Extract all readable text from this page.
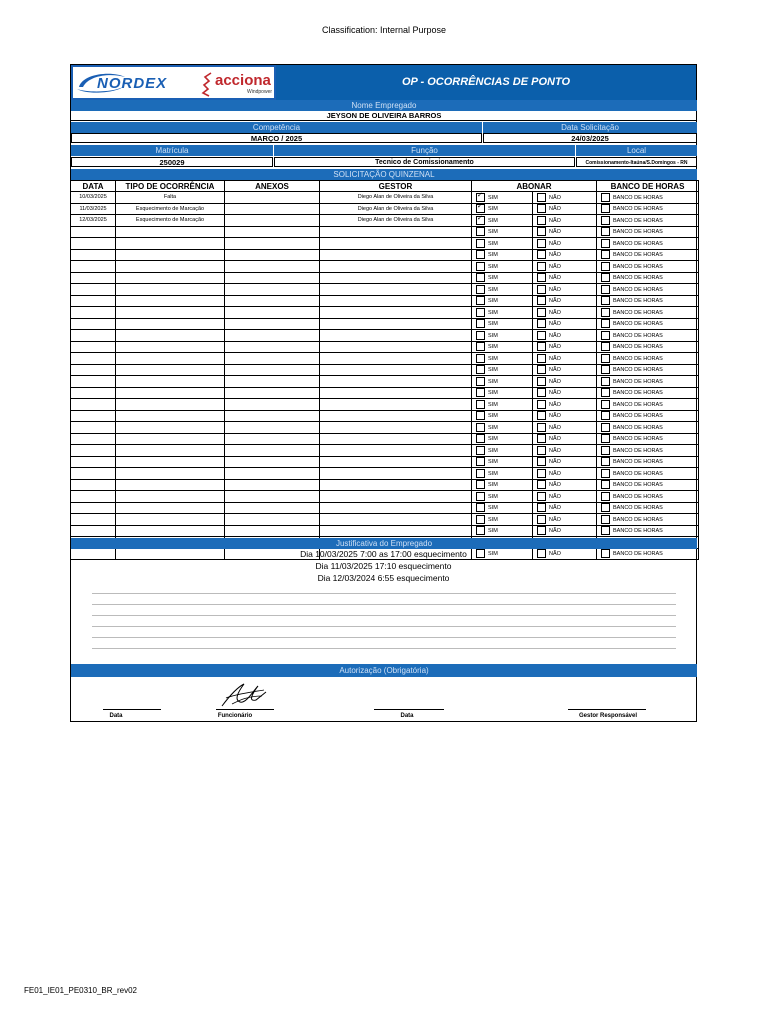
Classification: Internal Purpose
NORDEX	acciona
Windpower
OP - OCORRÊNCIAS DE PONTO
Nome Empregado
JEYSON DE OLIVEIRA BARROS
Competência	Data Solicitação
MARÇO / 2025	24/03/2025
Matrícula	Função	Local
250029	Tecnico de Comissionamento	Comissionamento-Itaúna/S.Domingos - RN
SOLICITAÇÃO QUINZENAL
DATA	TIPO DE OCORRÊNCIA	ANEXOS	GESTOR	ABONAR		BANCO DE HORAS
10/03/2025	Falta		Diego Alan de Oliveira da Silva	✓SIM	NÃO	BANCO DE HORAS
11/03/2025	Esquecimento de Marcação		Diego Alan de Oliveira da Silva	✓SIM	NÃO	BANCO DE HORAS
12/03/2025	Esquecimento de Marcação		Diego Alan de Oliveira da Silva	✓SIM	NÃO	BANCO DE HORAS
				SIM	NÃO	BANCO DE HORAS
				SIM	NÃO	BANCO DE HORAS
				SIM	NÃO	BANCO DE HORAS
				SIM	NÃO	BANCO DE HORAS
				SIM	NÃO	BANCO DE HORAS
				SIM	NÃO	BANCO DE HORAS
				SIM	NÃO	BANCO DE HORAS
				SIM	NÃO	BANCO DE HORAS
				SIM	NÃO	BANCO DE HORAS
				SIM	NÃO	BANCO DE HORAS
				SIM	NÃO	BANCO DE HORAS
				SIM	NÃO	BANCO DE HORAS
				SIM	NÃO	BANCO DE HORAS
				SIM	NÃO	BANCO DE HORAS
				SIM	NÃO	BANCO DE HORAS
				SIM	NÃO	BANCO DE HORAS
				SIM	NÃO	BANCO DE HORAS
				SIM	NÃO	BANCO DE HORAS
				SIM	NÃO	BANCO DE HORAS
				SIM	NÃO	BANCO DE HORAS
				SIM	NÃO	BANCO DE HORAS
				SIM	NÃO	BANCO DE HORAS
				SIM	NÃO	BANCO DE HORAS
				SIM	NÃO	BANCO DE HORAS
				SIM	NÃO	BANCO DE HORAS
				SIM	NÃO	BANCO DE HORAS
				SIM	NÃO	BANCO DE HORAS

				SIM	NÃO	BANCO DE HORAS
Justificativa do Empregado
Dia 10/03/2025 7:00 as 17:00 esquecimento
Dia 11/03/2025 17:10 esquecimento
Dia 12/03/2024 6:55 esquecimento
Autorização (Obrigatória)
Data	Funcionário	Data	Gestor Responsável
FE01_IE01_PE0310_BR_rev02
